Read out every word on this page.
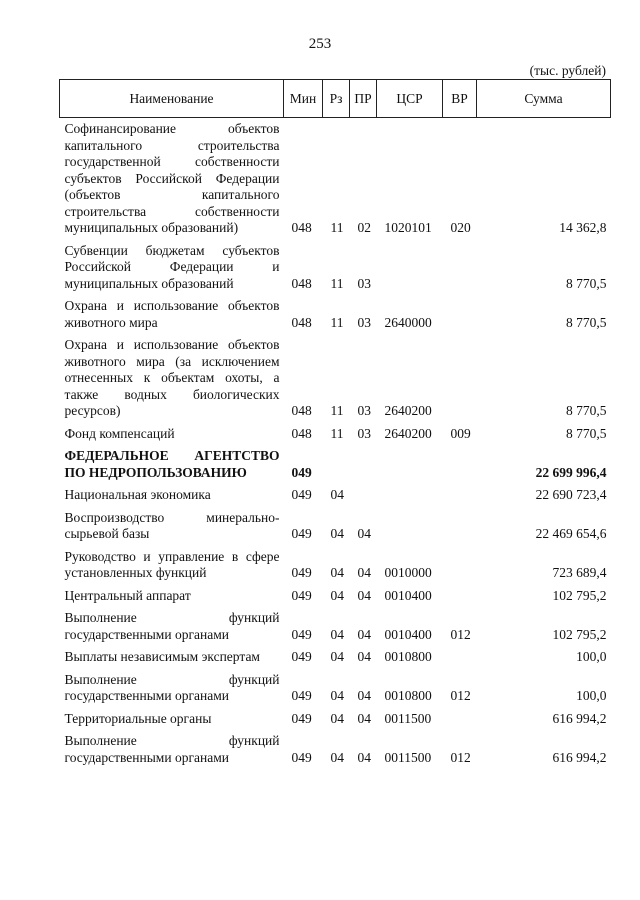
253
(тыс. рублей)
Наименование	Мин	Рз	ПР	ЦСР	ВР	Сумма
Софинансирование объектов капитального строительства государственной собственности субъектов Российской Федерации (объектов капитального строительства собственности муниципальных образований)	048	11	02	1020101	020	14 362,8
Субвенции бюджетам субъектов Российской Федерации и муниципальных образований	048	11	03			8 770,5
Охрана и использование объектов животного мира	048	11	03	2640000		8 770,5
Охрана и использование объектов животного мира (за исключением отнесенных к объектам охоты, а также водных биологических ресурсов)	048	11	03	2640200		8 770,5
Фонд компенсаций	048	11	03	2640200	009	8 770,5
ФЕДЕРАЛЬНОЕ АГЕНТСТВО ПО НЕДРОПОЛЬЗОВАНИЮ	049					22 699 996,4
Национальная экономика	049	04				22 690 723,4
Воспроизводство минерально-сырьевой базы	049	04	04			22 469 654,6
Руководство и управление в сфере установленных функций	049	04	04	0010000		723 689,4
Центральный аппарат	049	04	04	0010400		102 795,2
Выполнение функций государственными органами	049	04	04	0010400	012	102 795,2
Выплаты независимым экспертам	049	04	04	0010800		100,0
Выполнение функций государственными органами	049	04	04	0010800	012	100,0
Территориальные органы	049	04	04	0011500		616 994,2
Выполнение функций государственными органами	049	04	04	0011500	012	616 994,2
